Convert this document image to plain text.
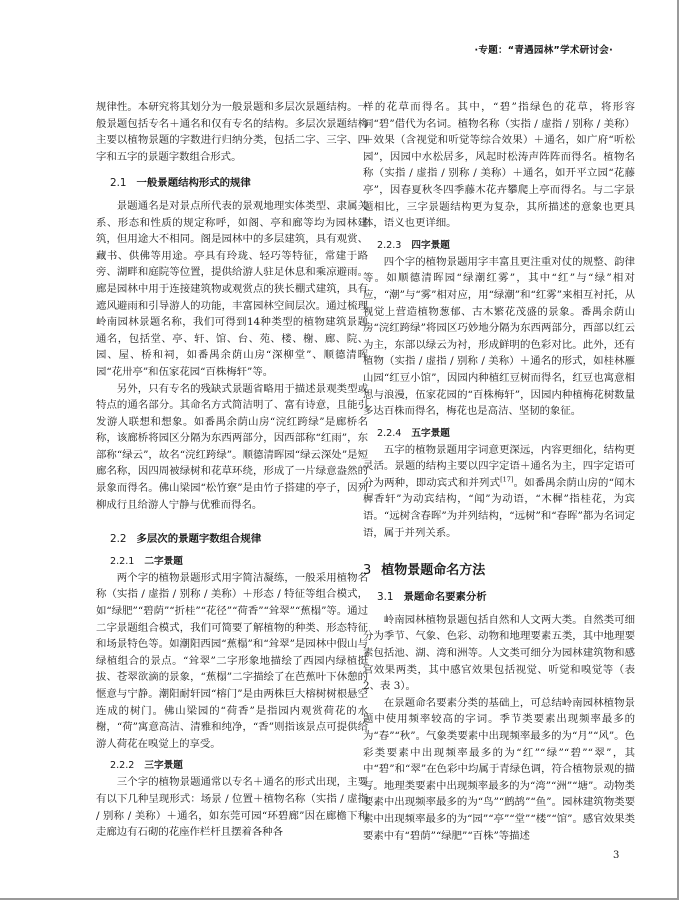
·专题：“青遇园林”学术研讨会·

规律性。本研究将其划分为一般景题和多层次景题结构。一般景题包括专名＋通名和仅有专名的结构。多层次景题结构主要以植物景题的字数进行归纳分类，包括二字、三字、四字和五字的景题字数组合形式。

2.1 一般景题结构形式的规律

景题通名是对景点所代表的景观地理实体类型、隶属关系、形态和性质的规定称呼，如阁、亭和廊等均为园林建筑，但用途大不相同。阁是园林中的多层建筑，具有观赏、藏书、供佛等用途。亭具有玲珑、轻巧等特征，常建于路旁、湖畔和庭院等位置，提供给游人驻足休息和乘凉避雨。廊是园林中用于连接建筑物或观赏点的狭长棚式建筑，具有遮风避雨和引导游人的功能，丰富园林空间层次。通过梳理岭南园林景题名称，我们可得到14种类型的植物建筑景题通名，包括堂、亭、轩、馆、台、苑、楼、榭、廊、院、园、屋、桥和祠，如番禺余荫山房“深柳堂”、顺德清晖园“花卅亭”和伍家花园“百株梅轩”等。

另外，只有专名的残缺式景题省略用于描述景观类型或特点的通名部分。其命名方式简洁明了、富有诗意，且能引发游人联想和想象。如番禺余荫山房“浣红跨绿”是廊桥名称，该廊桥将园区分隔为东西两部分，因西部称“红雨”，东部称“绿云”，故名“浣红跨绿”。顺德清晖园“绿云深处”是短廊名称，因四周被绿树和花草环绕，形成了一片绿意盎然的景象而得名。佛山梁园“松竹寮”是由竹子搭建的亭子，因列柳成行且给游人宁静与优雅而得名。

2.2 多层次的景题字数组合规律
2.2.1 二字景题

两个字的植物景题形式用字简洁凝练，一般采用植物名称（实指 / 虚指 / 别称 / 美称）＋形态 / 特征等组合模式，如“绿肥”“碧荫”“折桂”“花径”“荷香”“耸翠”“蕉榻”等。通过二字景题组合模式，我们可简要了解植物的种类、形态特征和场景特色等。如潮阳西园“蕉榻”和“耸翠”是园林中假山与绿植组合的景点。“耸翠”二字形象地描绘了西园内绿植挺拔、苍翠欲滴的景象，“蕉榻”二字描绘了在芭蕉叶下休憩的惬意与宁静。潮阳耐轩园“榕门”是由两株巨大榕树树根悬空连成的树门。佛山梁园的“荷香”是指园内观赏荷花的水榭，“荷”寓意高洁、清雅和纯净，“香”则指该景点可提供给游人荷花在嗅觉上的享受。

2.2.2 三字景题

三个字的植物景题通常以专名＋通名的形式出现，主要有以下几种呈现形式：场景 / 位置＋植物名称（实指 / 虚指 / 别称 / 美称）＋通名，如东莞可园“环碧廊”因在廊檐下和走廊边有石砌的花座作栏杆且摆着各种各

样的花草而得名。其中，“碧”指绿色的花草，将形容词“碧”借代为名词。植物名称（实指 / 虚指 / 别称 / 美称）＋效果（含视觉和听觉等综合效果）＋通名，如广府“听松园”，因园中水松居多，风起时松涛声阵阵而得名。植物名称（实指 / 虚指 / 别称 / 美称）＋通名，如开平立园“花藤亭”，因春夏秋冬四季藤木花卉攀爬上亭而得名。与二字景题相比，三字景题结构更为复杂，其所描述的意象也更具体，语义也更详细。

2.2.3 四字景题

四个字的植物景题用字丰富且更注重对仗的规整、韵律等。如顺德清晖园“绿潮红雾”，其中“红”与“绿”相对应，“潮”与“雾”相对应，用“绿潮”和“红雾”来相互衬托，从视觉上营造植物葱郁、古木繁花茂盛的景象。番禺余荫山房“浣红跨绿”将园区巧妙地分隔为东西两部分，西部以红云为主，东部以绿云为衬，形成鲜明的色彩对比。此外，还有植物（实指 / 虚指 / 别称 / 美称）＋通名的形式，如桂林雁山园“红豆小馆”，因园内种植红豆树而得名，红豆也寓意相思与浪漫，伍家花园的“百株梅轩”，因园内种植梅花树数量多达百株而得名，梅花也是高洁、坚韧的象征。

2.2.4 五字景题

五字的植物景题用字词意更深远，内容更细化，结构更灵活。景题的结构主要以四字定语＋通名为主，四字定语可分为两种，即动宾式和并列式[17]。如番禺余荫山房的“闻木樨香轩”为动宾结构，“闻”为动语，“木樨”指桂花，为宾语。“远树含春晖”为并列结构，“远树”和“春晖”都为名词定语，属于并列关系。

3 植物景题命名方法
3.1 景题命名要素分析

岭南园林植物景题包括自然和人文两大类。自然类可细分为季节、气象、色彩、动物和地理要素五类，其中地理要素包括池、湖、湾和洲等。人文类可细分为园林建筑物和感官效果两类，其中感官效果包括视觉、听觉和嗅觉等（表 2、表 3）。

在景题命名要素分类的基础上，可总结岭南园林植物景题中使用频率较高的字词。季节类要素出现频率最多的为“春”“秋”。气象类要素中出现频率最多的为“月”“风”。色彩类要素中出现频率最多的为“红”“绿”“碧”“翠”，其中“碧”和“翠”在色彩中均属于青绿色调，符合植物景观的描写。地理类要素中出现频率最多的为“湾”“洲”“塘”。动物类要素中出现频率最多的为“鸟”“鹧鸪”“鱼”。园林建筑物类要素中出现频率最多的为“园”“亭”“堂”“楼”“馆”。感官效果类要素中有“碧荫”“绿肥”“百株”等描述

3
